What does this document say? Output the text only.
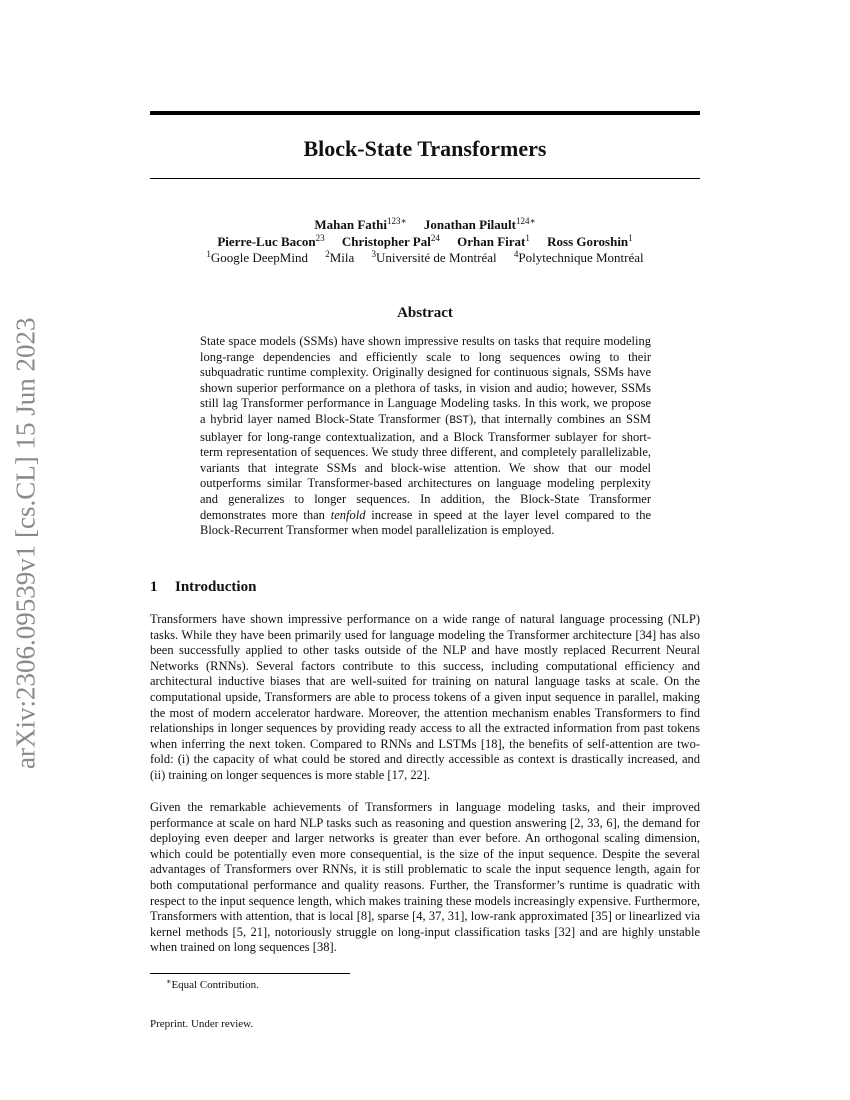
arXiv:2306.09539v1 [cs.CL] 15 Jun 2023
Block-State Transformers
Mahan Fathi$^{123∗}$ Jonathan Pilault$^{124∗}$
Pierre-Luc Bacon$^{23}$ Christopher Pal$^{24}$ Orhan Firat$^1$ Ross Goroshin$^1$
$^1$Google DeepMind $^2$Mila $^3$Université de Montréal $^4$Polytechnique Montréal
Abstract

State space models (SSMs) have shown impressive results on tasks that require modeling long-range dependencies and efficiently scale to long sequences owing to their subquadratic runtime complexity. Originally designed for continuous signals, SSMs have shown superior performance on a plethora of tasks, in vision and audio; however, SSMs still lag Transformer performance in Language Modeling tasks. In this work, we propose a hybrid layer named Block-State Transformer (BST), that internally combines an SSM sublayer for long-range contextualization, and a Block Transformer sublayer for short-term representation of sequences. We study three different, and completely parallelizable, variants that integrate SSMs and block-wise attention. We show that our model outperforms similar Transformer-based architectures on language modeling perplexity and generalizes to longer sequences. In addition, the Block-State Transformer demonstrates more than tenfold increase in speed at the layer level compared to the Block-Recurrent Transformer when model parallelization is employed.

1 Introduction

Transformers have shown impressive performance on a wide range of natural language processing (NLP) tasks. While they have been primarily used for language modeling the Transformer architecture [34] has also been successfully applied to other tasks outside of the NLP and have mostly replaced Recurrent Neural Networks (RNNs). Several factors contribute to this success, including computational efficiency and architectural inductive biases that are well-suited for training on natural language tasks at scale. On the computational upside, Transformers are able to process tokens of a given input sequence in parallel, making the most of modern accelerator hardware. Moreover, the attention mechanism enables Transformers to find relationships in longer sequences by providing ready access to all the extracted information from past tokens when inferring the next token. Compared to RNNs and LSTMs [18], the benefits of self-attention are two-fold: (i) the capacity of what could be stored and directly accessible as context is drastically increased, and (ii) training on longer sequences is more stable [17, 22].

Given the remarkable achievements of Transformers in language modeling tasks, and their improved performance at scale on hard NLP tasks such as reasoning and question answering [2, 33, 6], the demand for deploying even deeper and larger networks is greater than ever before. An orthogonal scaling dimension, which could be potentially even more consequential, is the size of the input sequence. Despite the several advantages of Transformers over RNNs, it is still problematic to scale the input sequence length, again for both computational performance and quality reasons. Further, the Transformer’s runtime is quadratic with respect to the input sequence length, which makes training these models increasingly expensive. Furthermore, Transformers with attention, that is local [8], sparse [4, 37, 31], low-rank approximated [35] or linearlized via kernel methods [5, 21], notoriously struggle on long-input classification tasks [32] and are highly unstable when trained on long sequences [38].

∗Equal Contribution.

Preprint. Under review.
